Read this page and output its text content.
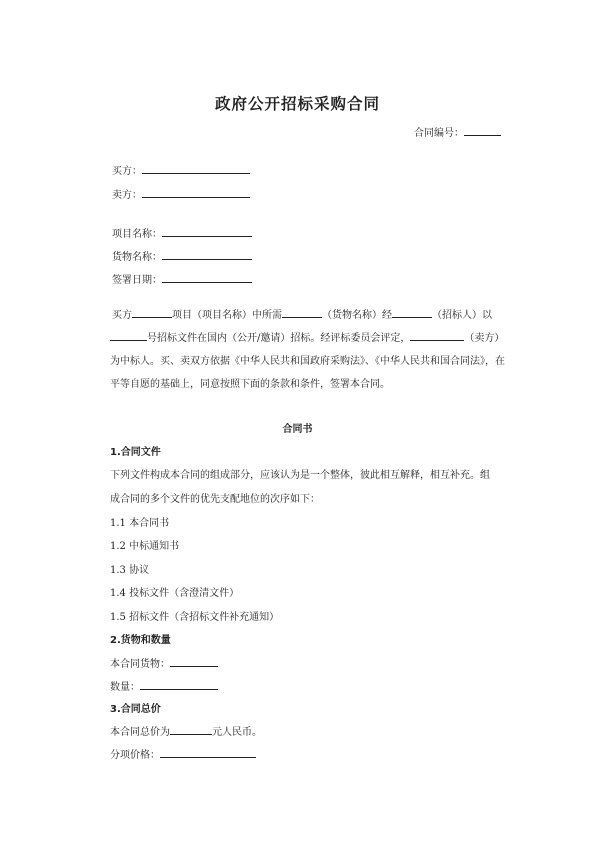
政府公开招标采购合同
合同编号：
买方：
卖方：
项目名称：
货物名称：
签署日期：
买方	项目（项目名称）中所需	（货物名称）经	（招标人）以
号招标文件在国内（公开/邀请）招标。经评标委员会评定，	（卖方）
为中标人。买、卖双方依据《中华人民共和国政府采购法》、《中华人民共和国合同法》，在
平等自愿的基础上，同意按照下面的条款和条件，签署本合同。
合同书
1.合同文件
下列文件构成本合同的组成部分，应该认为是一个整体，彼此相互解释，相互补充。组
成合同的多个文件的优先支配地位的次序如下：
1.1 本合同书
1.2 中标通知书
1.3 协议
1.4 投标文件（含澄清文件）
1.5 招标文件（含招标文件补充通知）
2.货物和数量
本合同货物：
数量：
3.合同总价
本合同总价为	元人民币。
分项价格：
